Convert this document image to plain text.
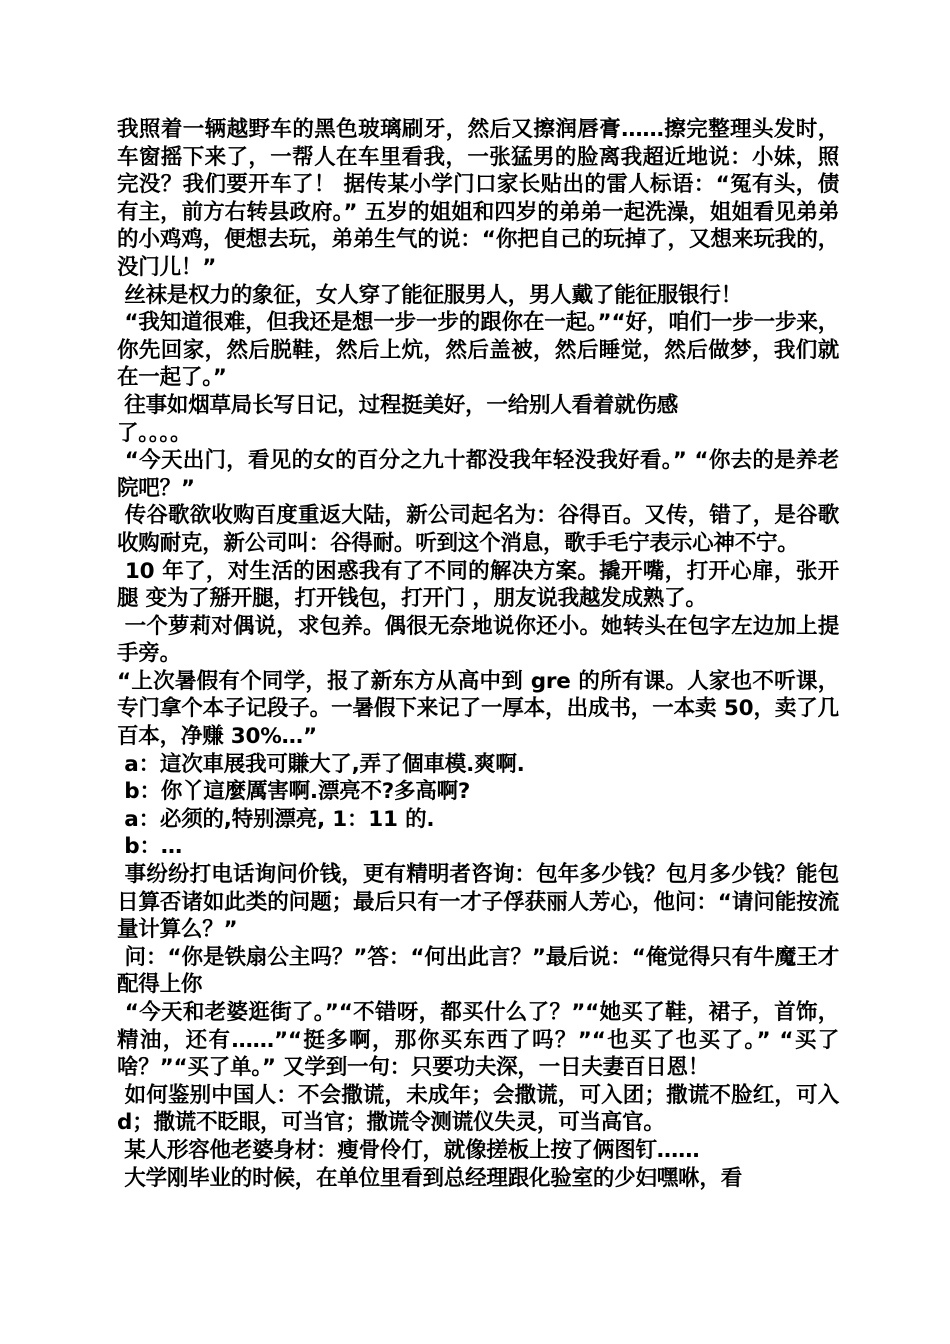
我照着一辆越野车的黑色玻璃刷牙，然后又擦润唇膏……擦完整理头发时，车窗摇下来了，一帮人在车里看我，一张猛男的脸离我超近地说：小妹，照完没？我们要开车了！ 据传某小学门口家长贴出的雷人标语：“冤有头，债有主，前方右转县政府。” 五岁的姐姐和四岁的弟弟一起洗澡，姐姐看见弟弟的小鸡鸡，便想去玩，弟弟生气的说：“你把自己的玩掉了，又想来玩我的，没门儿！”

丝袜是权力的象征，女人穿了能征服男人，男人戴了能征服银行！

“我知道很难，但我还是想一步一步的跟你在一起。”“好，咱们一步一步来，你先回家，然后脱鞋，然后上炕，然后盖被，然后睡觉，然后做梦，我们就在一起了。”

往事如烟草局长写日记，过程挺美好，一给别人看着就伤感

了。。。。

“今天出门，看见的女的百分之九十都没我年轻没我好看。” “你去的是养老院吧？”

传谷歌欲收购百度重返大陆，新公司起名为：谷得百。又传，错了，是谷歌收购耐克，新公司叫：谷得耐。听到这个消息，歌手毛宁表示心神不宁。

10 年了，对生活的困惑我有了不同的解决方案。撬开嘴，打开心扉，张开腿 变为了掰开腿，打开钱包，打开门 ，朋友说我越发成熟了。

一个萝莉对偶说，求包养。偶很无奈地说你还小。她转头在包字左边加上提手旁。

“上次暑假有个同学，报了新东方从高中到 gre 的所有课。人家也不听课，专门拿个本子记段子。一暑假下来记了一厚本，出成书，一本卖 50，卖了几百本，净赚 30%…”

a：這次車展我可賺大了,弄了個車模.爽啊.

b：你丫這麼厲害啊.漂亮不?多高啊?

a：必须的,特别漂亮, 1：11 的.

b：…

事纷纷打电话询问价钱，更有精明者咨询：包年多少钱？包月多少钱？能包日算否诸如此类的问题；最后只有一才子俘获丽人芳心，他问：“请问能按流量计算么？”

问：“你是铁扇公主吗？”答：“何出此言？”最后说：“俺觉得只有牛魔王才配得上你

“今天和老婆逛街了。”“不错呀，都买什么了？”“她买了鞋，裙子，首饰，精油，还有……”“挺多啊，那你买东西了吗？”“也买了也买了。” “买了啥？”“买了单。” 又学到一句：只要功夫深，一日夫妻百日恩！

如何鉴别中国人：不会撒谎，未成年；会撒谎，可入团；撒谎不脸红，可入 d；撒谎不眨眼，可当官；撒谎令测谎仪失灵，可当高官。

某人形容他老婆身材：瘦骨伶仃，就像搓板上按了俩图钉……

大学刚毕业的时候，在单位里看到总经理跟化验室的少妇嘿咻，看
